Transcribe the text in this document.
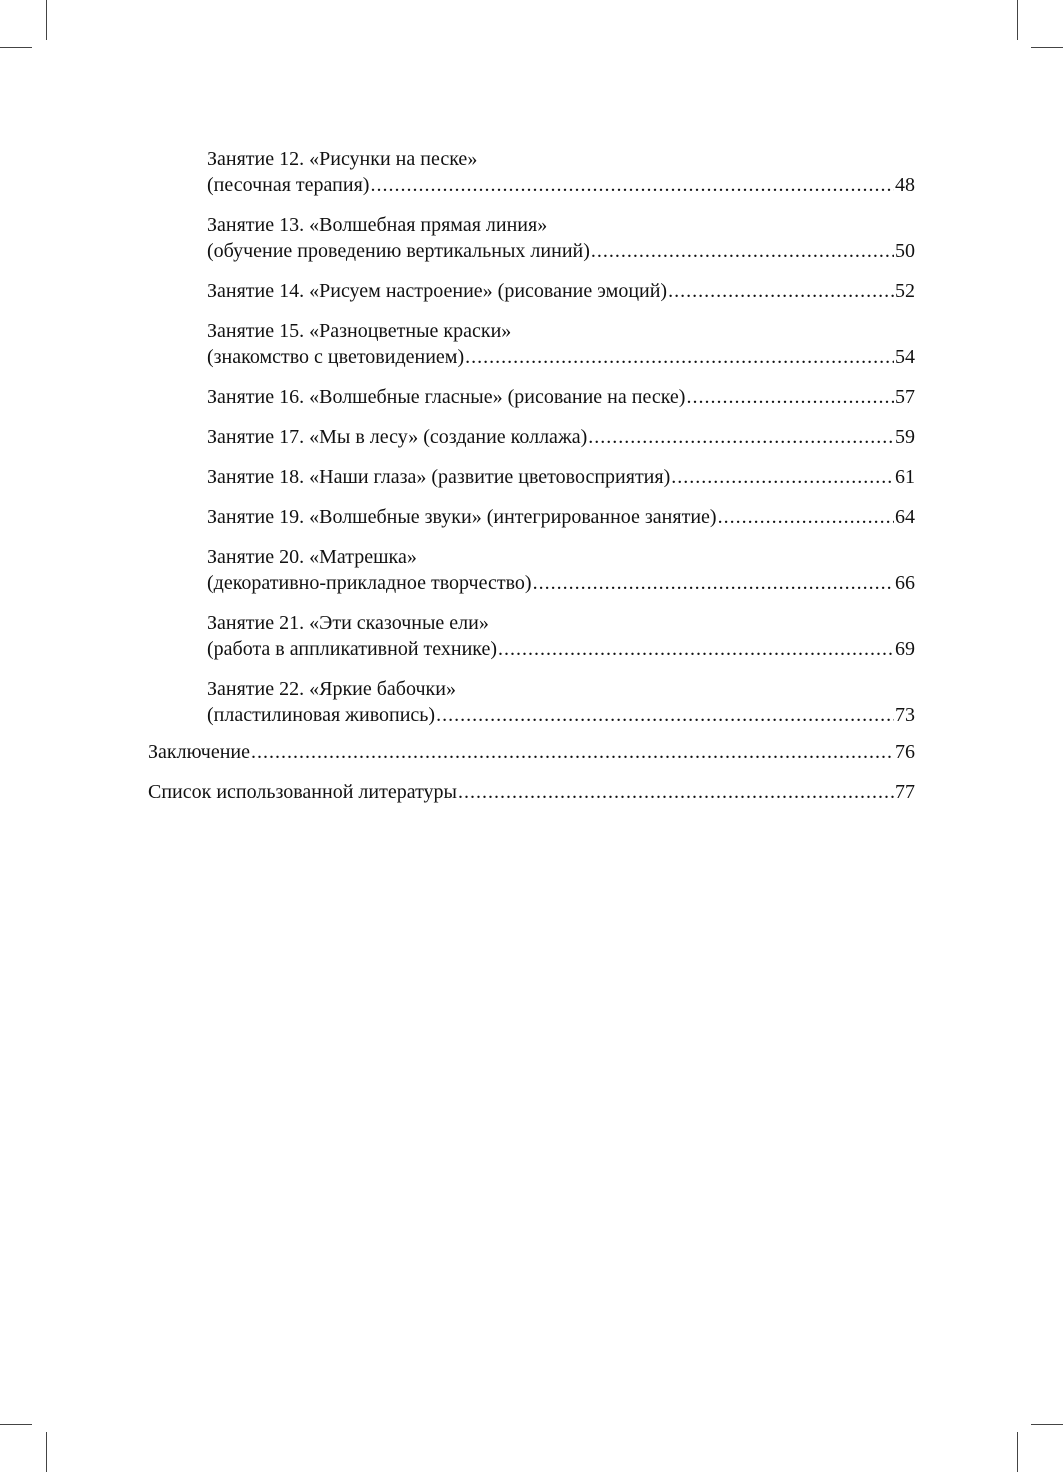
Занятие 12. «Рисунки на песке»
(песочная терапия) .....	48
Занятие 13. «Волшебная прямая линия»
(обучение проведению вертикальных линий) .....	50
Занятие 14. «Рисуем настроение» (рисование эмоций) .....	52
Занятие 15. «Разноцветные краски»
(знакомство с цветовидением) .....	54
Занятие 16. «Волшебные гласные» (рисование на песке) .....	57
Занятие 17. «Мы в лесу» (создание коллажа) .....	59
Занятие 18. «Наши глаза» (развитие цветовосприятия) .....	61
Занятие 19. «Волшебные звуки» (интегрированное занятие) .....	64
Занятие 20. «Матрешка»
(декоративно-прикладное творчество) .....	66
Занятие 21. «Эти сказочные ели»
(работа в аппликативной технике) .....	69
Занятие 22. «Яркие бабочки»
(пластилиновая живопись) .....	73
Заключение .....	76
Список использованной литературы .....	77
